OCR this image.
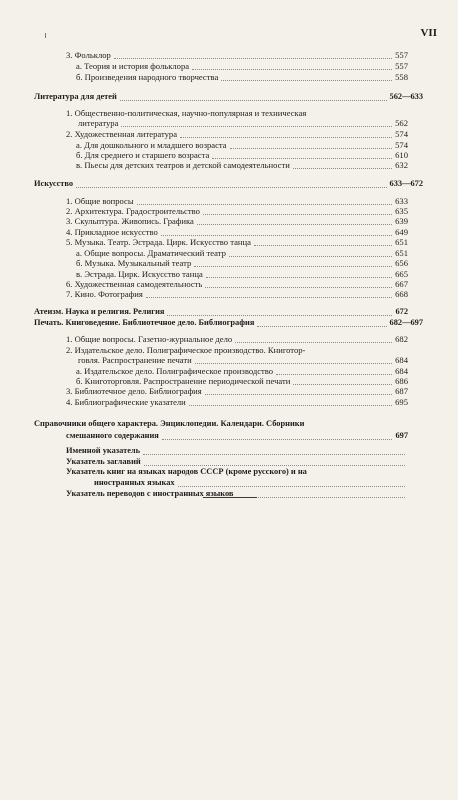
VII
3. Фольклор	557
а. Теория и история фольклора	557
б. Произведения народного творчества	558
Литература для детей	562—633
1. Общественно-политическая, научно-популярная и техническая
литература	562
2. Художественная литература	574
а. Для дошкольного и младшего возраста	574
б. Для среднего и старшего возраста	610
в. Пьесы для детских театров и детской самодеятельности	632
Искусство	633—672
1. Общие вопросы	633
2. Архитектура. Градостроительство	635
3. Скульптура. Живопись. Графика	639
4. Прикладное искусство	649
5. Музыка. Театр. Эстрада. Цирк. Искусство танца	651
а. Общие вопросы. Драматический театр	651
б. Музыка. Музыкальный театр	656
в. Эстрада. Цирк. Искусство танца	665
6. Художественная самодеятельность	667
7. Кино. Фотография	668
Атеизм. Наука и религия. Религия	672
Печать. Книговедение. Библиотечное дело. Библиография	682—697
1. Общие вопросы. Газетно-журнальное дело	682
2. Издательское дело. Полиграфическое производство. Книготор-
говля. Распространение печати	684
а. Издательское дело. Полиграфическое производство	684
б. Книготорговля. Распространение периодической печати	686
3. Библиотечное дело. Библиография	687
4. Библиографические указатели	695
Справочники общего характера. Энциклопедии. Календари. Сборники
смешанного содержания	697
Именной указатель
Указатель заглавий
Указатель книг на языках народов СССР (кроме русского) и на
иностранных языках
Указатель переводов с иностранных языков
